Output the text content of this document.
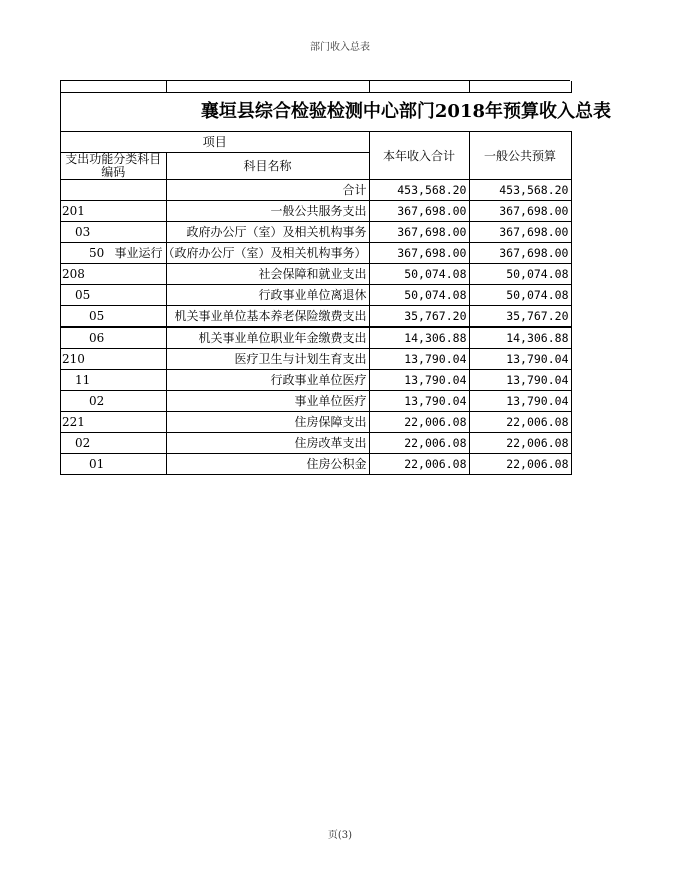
部门收入总表

襄垣县综合检验检测中心部门2018年预算收入总表			
项目		本年收入合计	一般公共预算

支出功能分类科目编码	科目名称		
	合计	453,568.20	453,568.20
201	一般公共服务支出	367,698.00	367,698.00
03	政府办公厅（室）及相关机构事务	367,698.00	367,698.00
50	事业运行（政府办公厅（室）及相关机构事务）	367,698.00	367,698.00
208	社会保障和就业支出	50,074.08	50,074.08
05	行政事业单位离退休	50,074.08	50,074.08
05	机关事业单位基本养老保险缴费支出	35,767.20	35,767.20
06	机关事业单位职业年金缴费支出	14,306.88	14,306.88
210	医疗卫生与计划生育支出	13,790.04	13,790.04
11	行政事业单位医疗	13,790.04	13,790.04
02	事业单位医疗	13,790.04	13,790.04
221	住房保障支出	22,006.08	22,006.08
02	住房改革支出	22,006.08	22,006.08
01	住房公积金	22,006.08	22,006.08
页(3)
